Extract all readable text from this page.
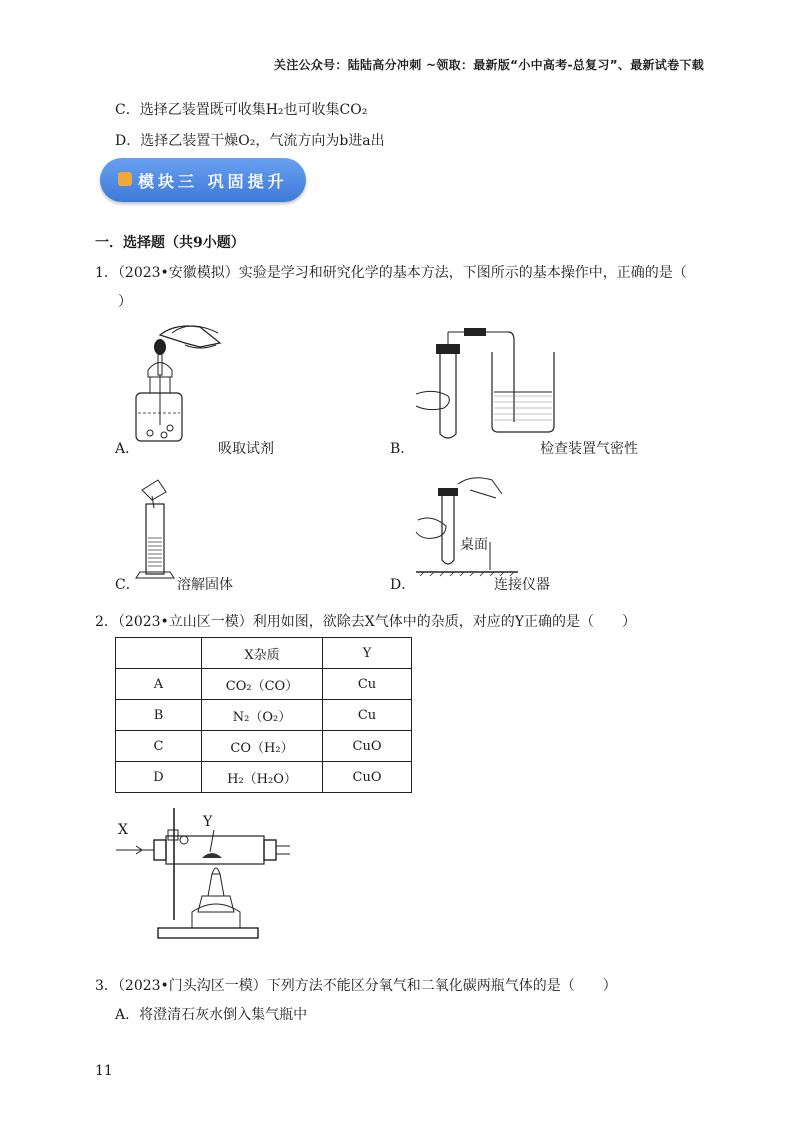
关注公众号：陆陆高分冲刺 ~领取：最新版“小中高考-总复习”、最新试卷下载
C．选择乙装置既可收集H₂也可收集CO₂
D．选择乙装置干燥O₂，气流方向为b进a出
模块三 巩固提升
一．选择题（共9小题）
1．（2023•安徽模拟）实验是学习和研究化学的基本方法，下图所示的基本操作中，正确的是（
）
A．	吸取试剂	B．	检查装置气密性
C．	溶解固体
桌面
D．	连接仪器
2．（2023•立山区一模）利用如图，欲除去X气体中的杂质，对应的Y正确的是（　　）
	X杂质	Y
A	CO₂（CO）	Cu
B	N₂（O₂）	Cu
C	CO（H₂）	CuO
D	H₂（H₂O）	CuO
X	Y
3．（2023•门头沟区一模）下列方法不能区分氧气和二氧化碳两瓶气体的是（　　）
A．将澄清石灰水倒入集气瓶中
11
